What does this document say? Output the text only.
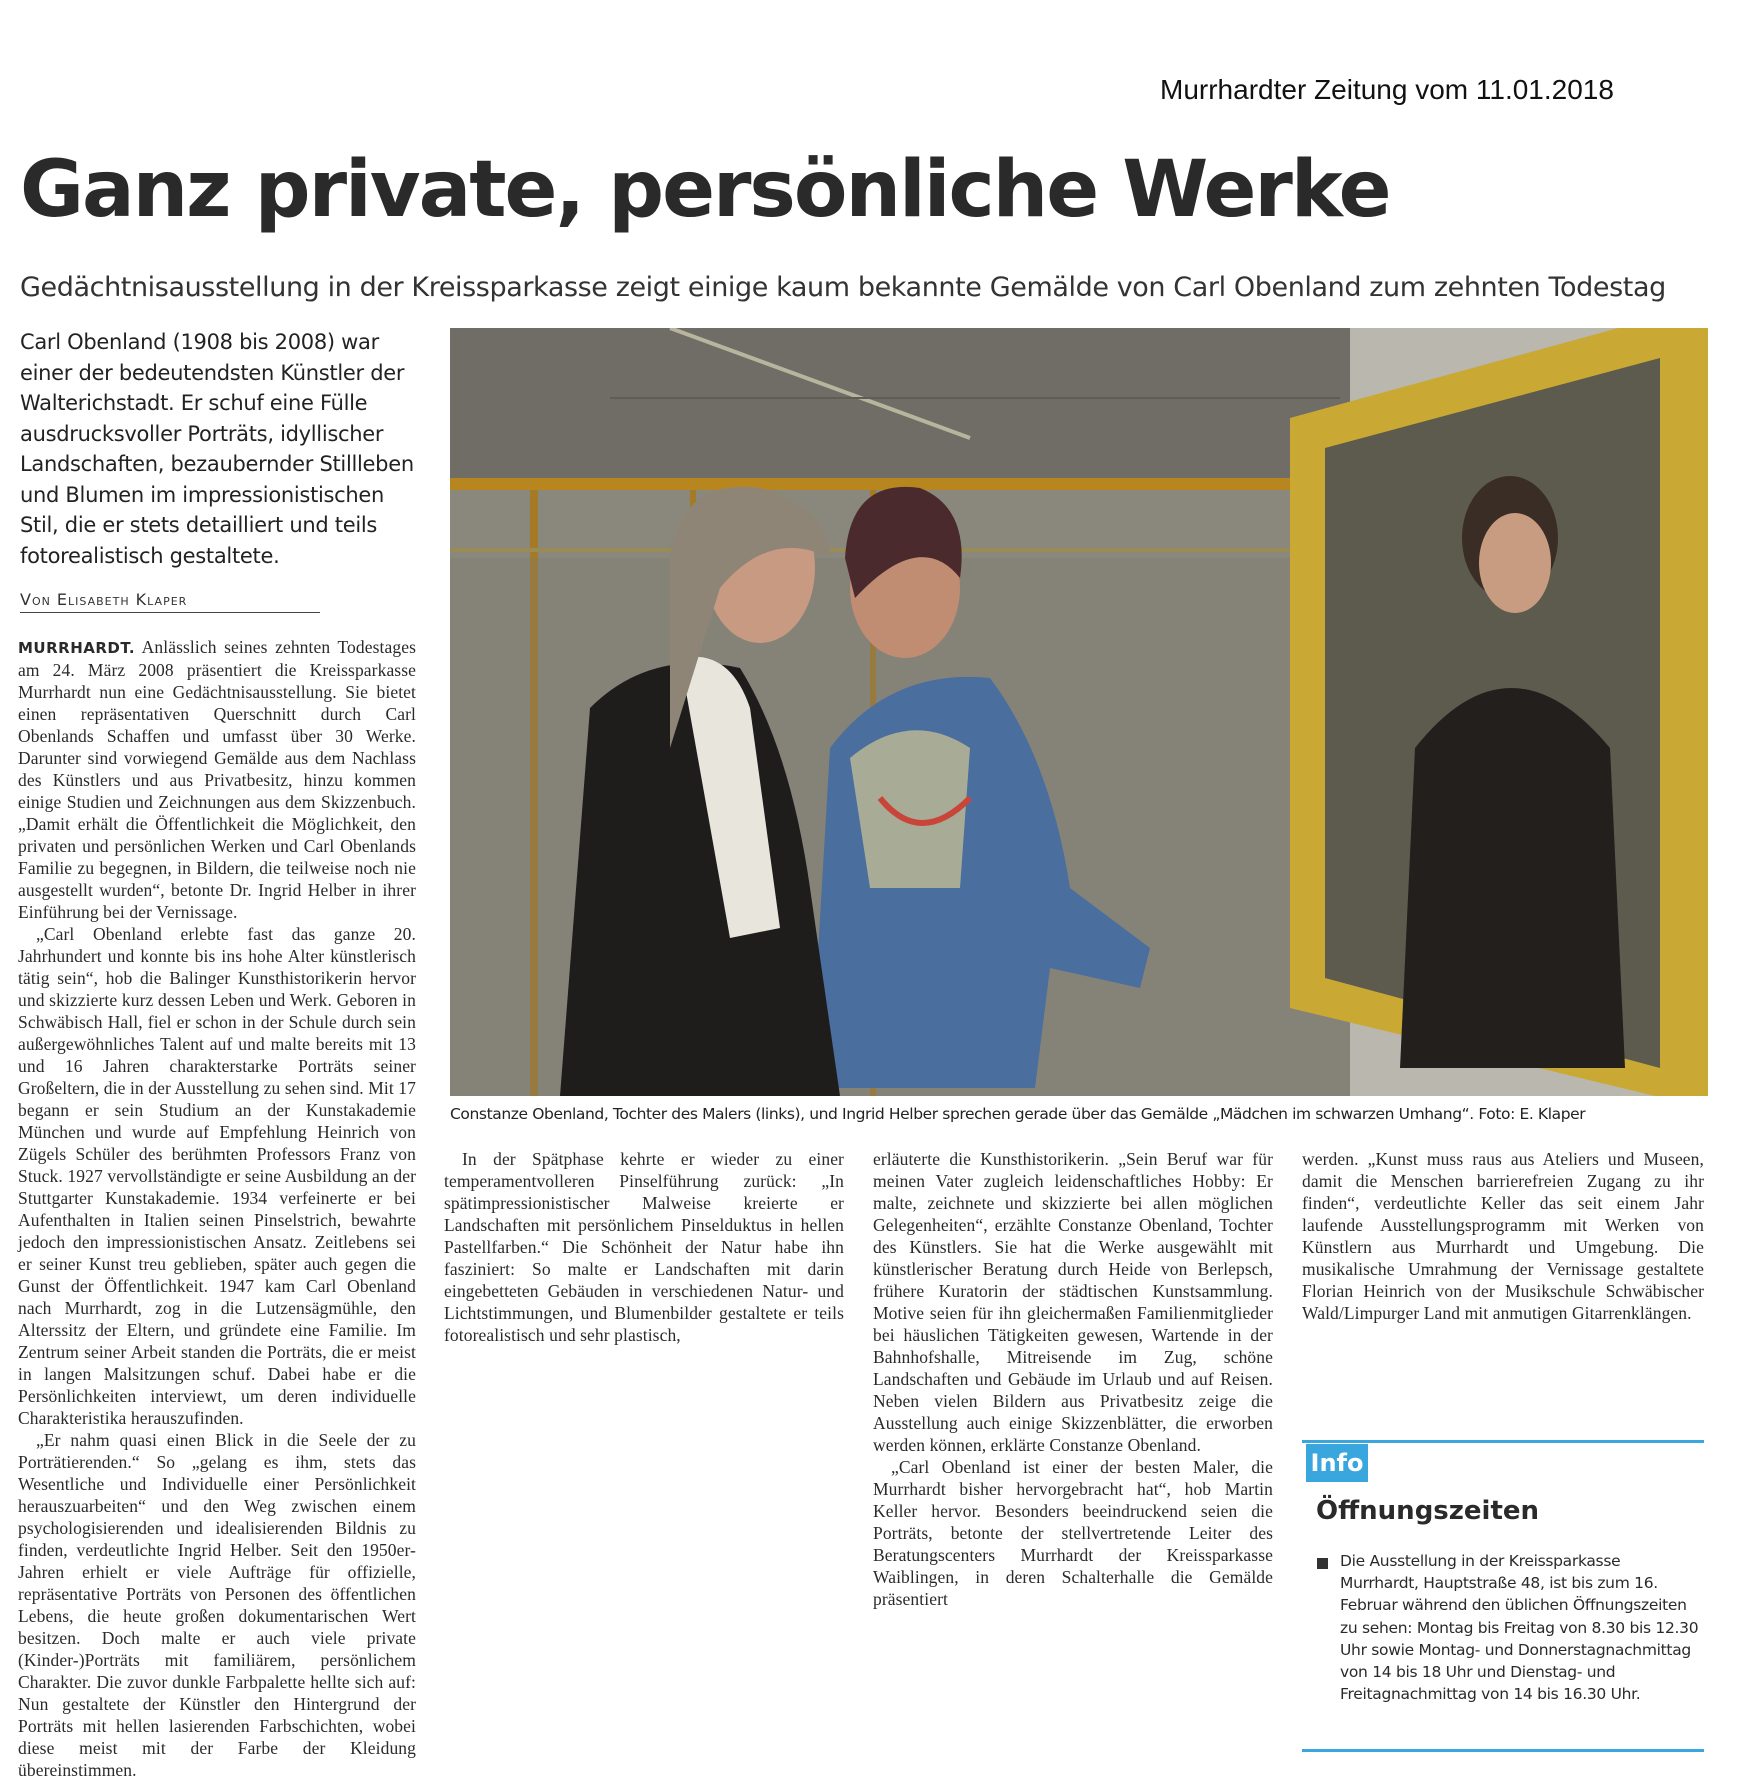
Murrhardter Zeitung vom 11.01.2018
Ganz private, persönliche Werke
Gedächtnisausstellung in der Kreissparkasse zeigt einige kaum bekannte Gemälde von Carl Obenland zum zehnten Todestag
Carl Obenland (1908 bis 2008) war einer der bedeutendsten Künstler der Walterichstadt. Er schuf eine Fülle ausdrucksvoller Porträts, idyllischer Landschaften, bezaubernder Stillleben und Blumen im impressionistischen Stil, die er stets detailliert und teils fotorealistisch gestaltete.
Von Elisabeth Klaper
Constanze Obenland, Tochter des Malers (links), und Ingrid Helber sprechen gerade über das Gemälde „Mädchen im schwarzen Umhang“. Foto: E. Klaper

MURRHARDT. Anlässlich seines zehnten Todestages am 24. März 2008 präsentiert die Kreissparkasse Murrhardt nun eine Gedächtnisausstellung. Sie bietet einen repräsentativen Querschnitt durch Carl Obenlands Schaffen und umfasst über 30 Werke. Darunter sind vorwiegend Gemälde aus dem Nachlass des Künstlers und aus Privatbesitz, hinzu kommen einige Studien und Zeichnungen aus dem Skizzenbuch. „Damit erhält die Öffentlichkeit die Möglichkeit, den privaten und persönlichen Werken und Carl Obenlands Familie zu begegnen, in Bildern, die teilweise noch nie ausgestellt wurden“, betonte Dr. Ingrid Helber in ihrer Einführung bei der Vernissage.

„Carl Obenland erlebte fast das ganze 20. Jahrhundert und konnte bis ins hohe Alter künstlerisch tätig sein“, hob die Balinger Kunsthistorikerin hervor und skizzierte kurz dessen Leben und Werk. Geboren in Schwäbisch Hall, fiel er schon in der Schule durch sein außergewöhnliches Talent auf und malte bereits mit 13 und 16 Jahren charakterstarke Porträts seiner Großeltern, die in der Ausstellung zu sehen sind. Mit 17 begann er sein Studium an der Kunstakademie München und wurde auf Empfehlung Heinrich von Zügels Schüler des berühmten Professors Franz von Stuck. 1927 vervollständigte er seine Ausbildung an der Stuttgarter Kunstakademie. 1934 verfeinerte er bei Aufenthalten in Italien seinen Pinselstrich, bewahrte jedoch den impressionistischen Ansatz. Zeitlebens sei er seiner Kunst treu geblieben, später auch gegen die Gunst der Öffentlichkeit. 1947 kam Carl Obenland nach Murrhardt, zog in die Lutzensägmühle, den Alterssitz der Eltern, und gründete eine Familie. Im Zentrum seiner Arbeit standen die Porträts, die er meist in langen Malsitzungen schuf. Dabei habe er die Persönlichkeiten interviewt, um deren individuelle Charakteristika herauszufinden.

„Er nahm quasi einen Blick in die Seele der zu Porträtierenden.“ So „gelang es ihm, stets das Wesentliche und Individuelle einer Persönlichkeit herauszuarbeiten“ und den Weg zwischen einem psychologisierenden und idealisierenden Bildnis zu finden, verdeutlichte Ingrid Helber. Seit den 1950er-Jahren erhielt er viele Aufträge für offizielle, repräsentative Porträts von Personen des öffentlichen Lebens, die heute großen dokumentarischen Wert besitzen. Doch malte er auch viele private (Kinder-)Porträts mit familiärem, persönlichem Charakter. Die zuvor dunkle Farbpalette hellte sich auf: Nun gestaltete der Künstler den Hintergrund der Porträts mit hellen lasierenden Farbschichten, wobei diese meist mit der Farbe der Kleidung übereinstimmen.

In der Spätphase kehrte er wieder zu einer temperamentvolleren Pinselführung zurück: „In spätimpressionistischer Malweise kreierte er Landschaften mit persönlichem Pinselduktus in hellen Pastellfarben.“ Die Schönheit der Natur habe ihn fasziniert: So malte er Landschaften mit darin eingebetteten Gebäuden in verschiedenen Natur- und Lichtstimmungen, und Blumenbilder gestaltete er teils fotorealistisch und sehr plastisch,

erläuterte die Kunsthistorikerin. „Sein Beruf war für meinen Vater zugleich leidenschaftliches Hobby: Er malte, zeichnete und skizzierte bei allen möglichen Gelegenheiten“, erzählte Constanze Obenland, Tochter des Künstlers. Sie hat die Werke ausgewählt mit künstlerischer Beratung durch Heide von Berlepsch, frühere Kuratorin der städtischen Kunstsammlung. Motive seien für ihn gleichermaßen Familienmitglieder bei häuslichen Tätigkeiten gewesen, Wartende in der Bahnhofshalle, Mitreisende im Zug, schöne Landschaften und Gebäude im Urlaub und auf Reisen. Neben vielen Bildern aus Privatbesitz zeige die Ausstellung auch einige Skizzenblätter, die erworben werden können, erklärte Constanze Obenland.

„Carl Obenland ist einer der besten Maler, die Murrhardt bisher hervorgebracht hat“, hob Martin Keller hervor. Besonders beeindruckend seien die Porträts, betonte der stellvertretende Leiter des Beratungscenters Murrhardt der Kreissparkasse Waiblingen, in deren Schalterhalle die Gemälde präsentiert

werden. „Kunst muss raus aus Ateliers und Museen, damit die Menschen barrierefreien Zugang zu ihr finden“, verdeutlichte Keller das seit einem Jahr laufende Ausstellungsprogramm mit Werken von Künstlern aus Murrhardt und Umgebung. Die musikalische Umrahmung der Vernissage gestaltete Florian Heinrich von der Musikschule Schwäbischer Wald/Limpurger Land mit anmutigen Gitarrenklängen.

Info
Öffnungszeiten
Die Ausstellung in der Kreissparkasse Murrhardt, Hauptstraße 48, ist bis zum 16. Februar während den üblichen Öffnungszeiten zu sehen: Montag bis Freitag von 8.30 bis 12.30 Uhr sowie Montag- und Donnerstagnachmittag von 14 bis 18 Uhr und Dienstag- und Freitagnachmittag von 14 bis 16.30 Uhr.
